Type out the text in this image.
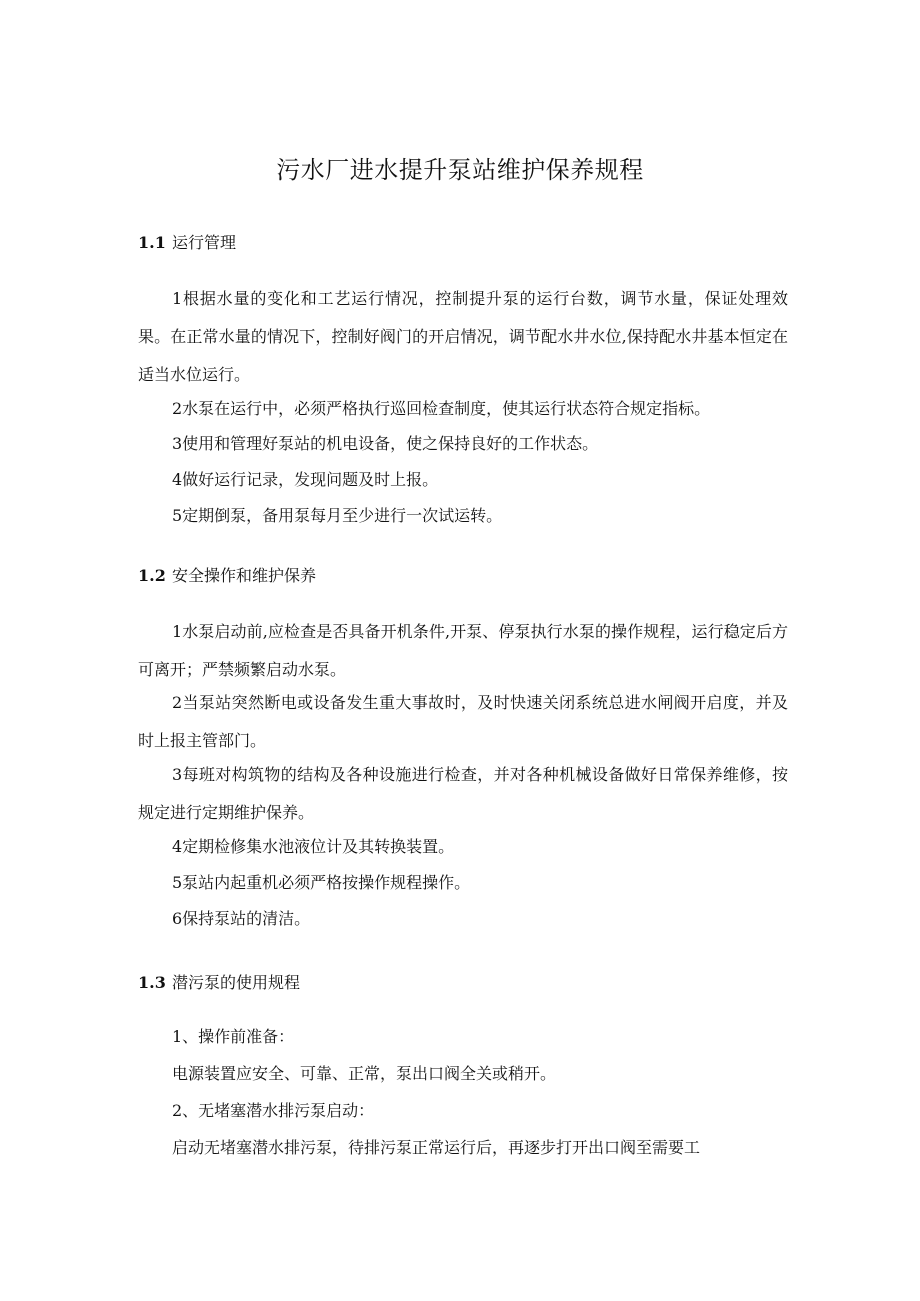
污水厂进水提升泵站维护保养规程
1.1 运行管理
1根据水量的变化和工艺运行情况，控制提升泵的运行台数，调节水量，保证处理效果。在正常水量的情况下，控制好阀门的开启情况，调节配水井水位,保持配水井基本恒定在适当水位运行。
2水泵在运行中，必须严格执行巡回检查制度，使其运行状态符合规定指标。
3使用和管理好泵站的机电设备，使之保持良好的工作状态。
4做好运行记录，发现问题及时上报。
5定期倒泵，备用泵每月至少进行一次试运转。
1.2 安全操作和维护保养
1水泵启动前,应检查是否具备开机条件,开泵、停泵执行水泵的操作规程，运行稳定后方可离开；严禁频繁启动水泵。
2当泵站突然断电或设备发生重大事故时，及时快速关闭系统总进水闸阀开启度，并及时上报主管部门。
3每班对构筑物的结构及各种设施进行检查，并对各种机械设备做好日常保养维修，按规定进行定期维护保养。
4定期检修集水池液位计及其转换装置。
5泵站内起重机必须严格按操作规程操作。
6保持泵站的清洁。
1.3 潜污泵的使用规程
1、操作前准备：
电源装置应安全、可靠、正常，泵出口阀全关或稍开。
2、无堵塞潜水排污泵启动：
启动无堵塞潜水排污泵，待排污泵正常运行后，再逐步打开出口阀至需要工
